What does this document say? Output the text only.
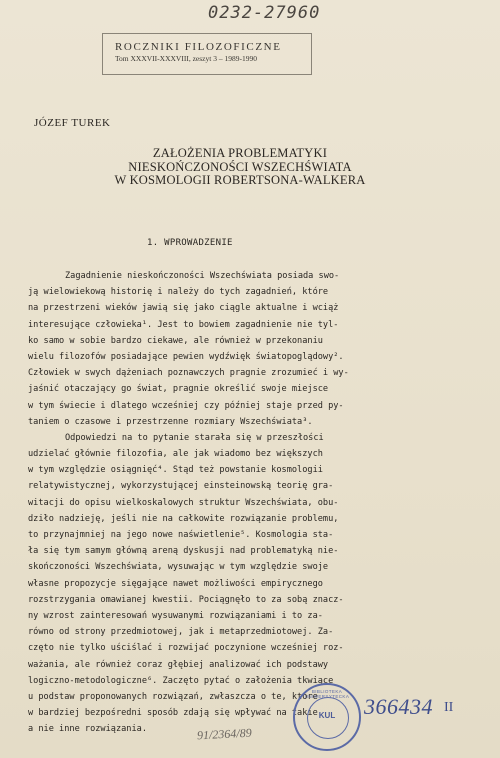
0232-27960
ROCZNIKI FILOZOFICZNE
Tom XXXVII-XXXVIII, zeszyt 3 – 1989-1990
JÓZEF TUREK
ZAŁOŻENIA PROBLEMATYKI
NIESKOŃCZONOŚCI WSZECHŚWIATA
W KOSMOLOGII ROBERTSONA-WALKERA
1. WPROWADZENIE
Zagadnienie nieskończoności Wszechświata posiada swo-
ją wielowiekową historię i należy do tych zagadnień, które
na przestrzeni wieków jawią się jako ciągle aktualne i wciąż
interesujące człowieka¹. Jest to bowiem zagadnienie nie tyl-
ko samo w sobie bardzo ciekawe, ale również w przekonaniu
wielu filozofów posiadające pewien wydźwięk światopoglądowy².
Człowiek w swych dążeniach poznawczych pragnie zrozumieć i wy-
jaśnić otaczający go świat, pragnie określić swoje miejsce
w tym świecie i dlatego wcześniej czy później staje przed py-
taniem o czasowe i przestrzenne rozmiary Wszechświata³.
Odpowiedzi na to pytanie starała się w przeszłości
udzielać głównie filozofia, ale jak wiadomo bez większych
w tym względzie osiągnięć⁴. Stąd też powstanie kosmologii
relatywistycznej, wykorzystującej einsteinowską teorię gra-
witacji do opisu wielkoskalowych struktur Wszechświata, obu-
dziło nadzieję, jeśli nie na całkowite rozwiązanie problemu,
to przynajmniej na jego nowe naświetlenie⁵. Kosmologia sta-
ła się tym samym główną areną dyskusji nad problematyką nie-
skończoności Wszechświata, wysuwając w tym względzie swoje
własne propozycje sięgające nawet możliwości empirycznego
rozstrzygania omawianej kwestii. Pociągnęło to za sobą znacz-
ny wzrost zainteresowań wysuwanymi rozwiązaniami i to za-
równo od strony przedmiotowej, jak i metaprzedmiotowej. Za-
częto nie tylko uściślać i rozwijać poczynione wcześniej roz-
ważania, ale również coraz głębiej analizować ich podstawy
logiczno-metodologiczne⁶. Zaczęto pytać o założenia tkwiące
u podstaw proponowanych rozwiązań, zwłaszcza o te, które
w bardziej bezpośredni sposób zdają się wpływać na takie
a nie inne rozwiązania.
BIBLIOTEKA UNIWERSYTECKA
KUL	366434 II
91/2364/89
